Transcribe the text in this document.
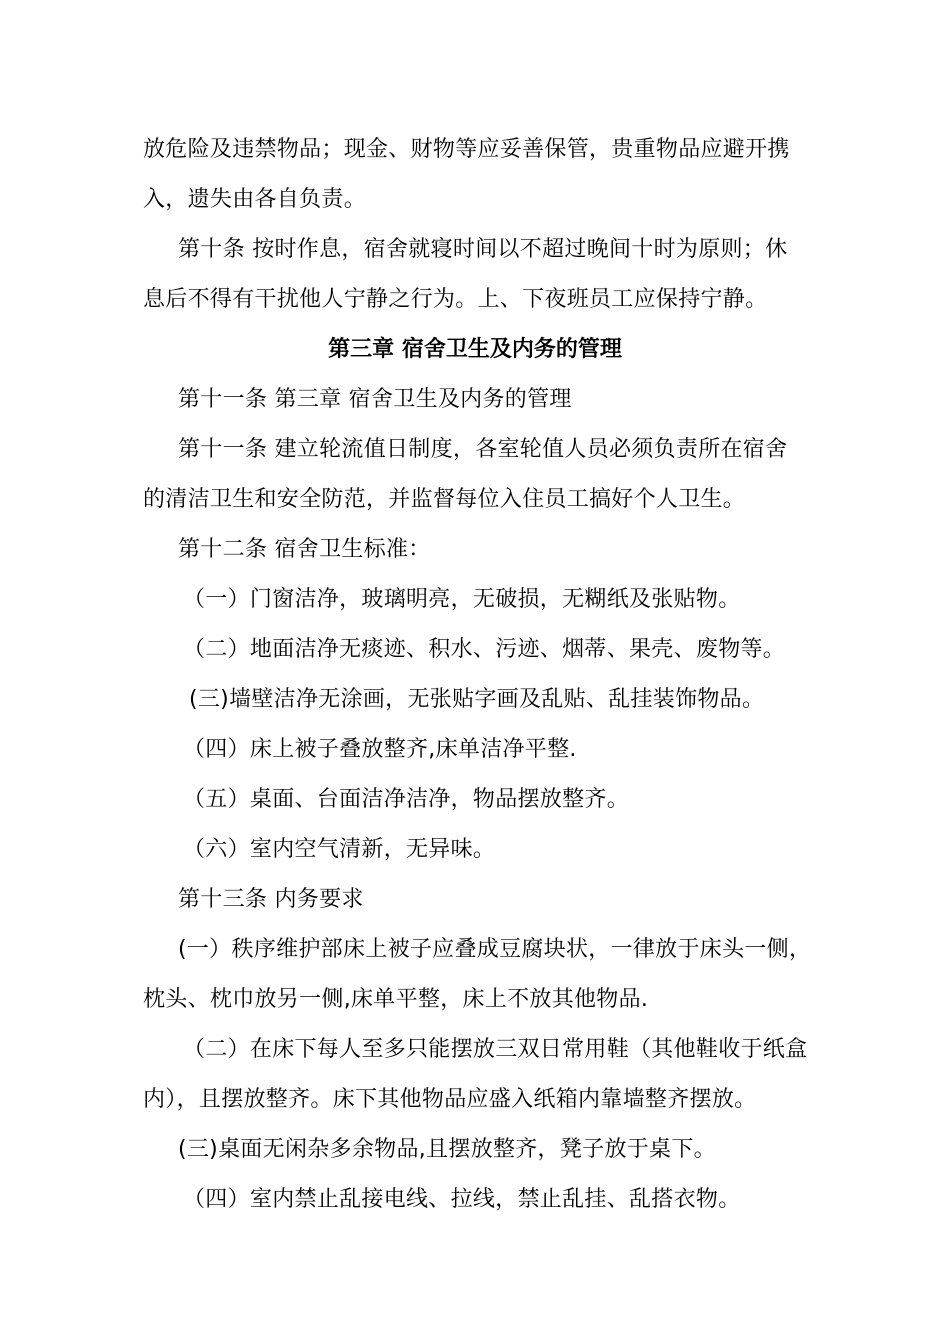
放危险及违禁物品；现金、财物等应妥善保管，贵重物品应避开携
入，遗失由各自负责。
第十条 按时作息，宿舍就寝时间以不超过晚间十时为原则；休
息后不得有干扰他人宁静之行为。上、下夜班员工应保持宁静。
第三章 宿舍卫生及内务的管理
第十一条 第三章 宿舍卫生及内务的管理
第十一条 建立轮流值日制度，各室轮值人员必须负责所在宿舍
的清洁卫生和安全防范，并监督每位入住员工搞好个人卫生。
第十二条 宿舍卫生标准：
（一）门窗洁净，玻璃明亮，无破损，无糊纸及张贴物。
（二）地面洁净无痰迹、积水、污迹、烟蒂、果壳、废物等。
(三)墙壁洁净无涂画，无张贴字画及乱贴、乱挂装饰物品。
（四）床上被子叠放整齐,床单洁净平整.
（五）桌面、台面洁净洁净，物品摆放整齐。
（六）室内空气清新，无异味。
第十三条 内务要求
(一）秩序维护部床上被子应叠成豆腐块状，一律放于床头一侧，
枕头、枕巾放另一侧,床单平整，床上不放其他物品.
（二）在床下每人至多只能摆放三双日常用鞋（其他鞋收于纸盒
内），且摆放整齐。床下其他物品应盛入纸箱内靠墙整齐摆放。
(三)桌面无闲杂多余物品,且摆放整齐，凳子放于桌下。
（四）室内禁止乱接电线、拉线，禁止乱挂、乱搭衣物。
